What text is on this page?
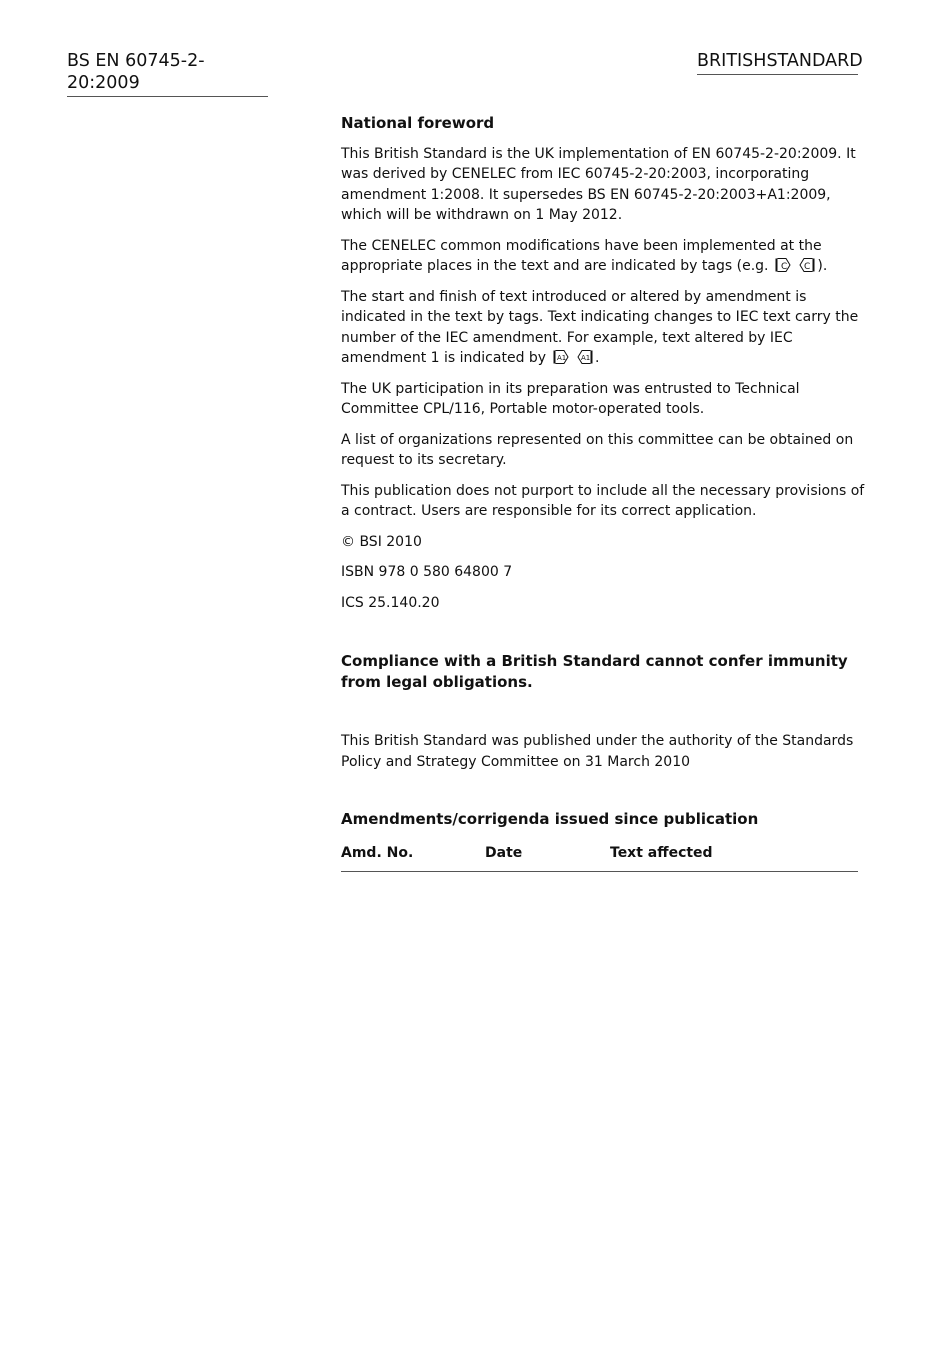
BS EN 60745-2-20:2009
BRITISHSTANDARD

National foreword

This British Standard is the UK implementation of EN 60745-2-20:2009. It was derived by CENELEC from IEC 60745-2-20:2003, incorporating amendment 1:2008. It supersedes BS EN 60745-2-20:2003+A1:2009, which will be withdrawn on 1 May 2012.

The CENELEC common modifications have been implemented at the appropriate places in the text and are indicated by tags (e.g. C
C ).

The start and finish of text introduced or altered by amendment is indicated in the text by tags. Text indicating changes to IEC text carry the number of the IEC amendment. For example, text altered by IEC amendment 1 is indicated by A1
A1 .

The UK participation in its preparation was entrusted to Technical Committee CPL/116, Portable motor-operated tools.

A list of organizations represented on this committee can be obtained on request to its secretary.

This publication does not purport to include all the necessary provisions of a contract. Users are responsible for its correct application.

© BSI 2010

ISBN 978 0 580 64800 7

ICS 25.140.20

Compliance with a British Standard cannot confer immunity from legal obligations.

This British Standard was published under the authority of the Standards Policy and Strategy Committee on 31 March 2010

Amendments/corrigenda issued since publication

Amd. No.	Date	Text affected
